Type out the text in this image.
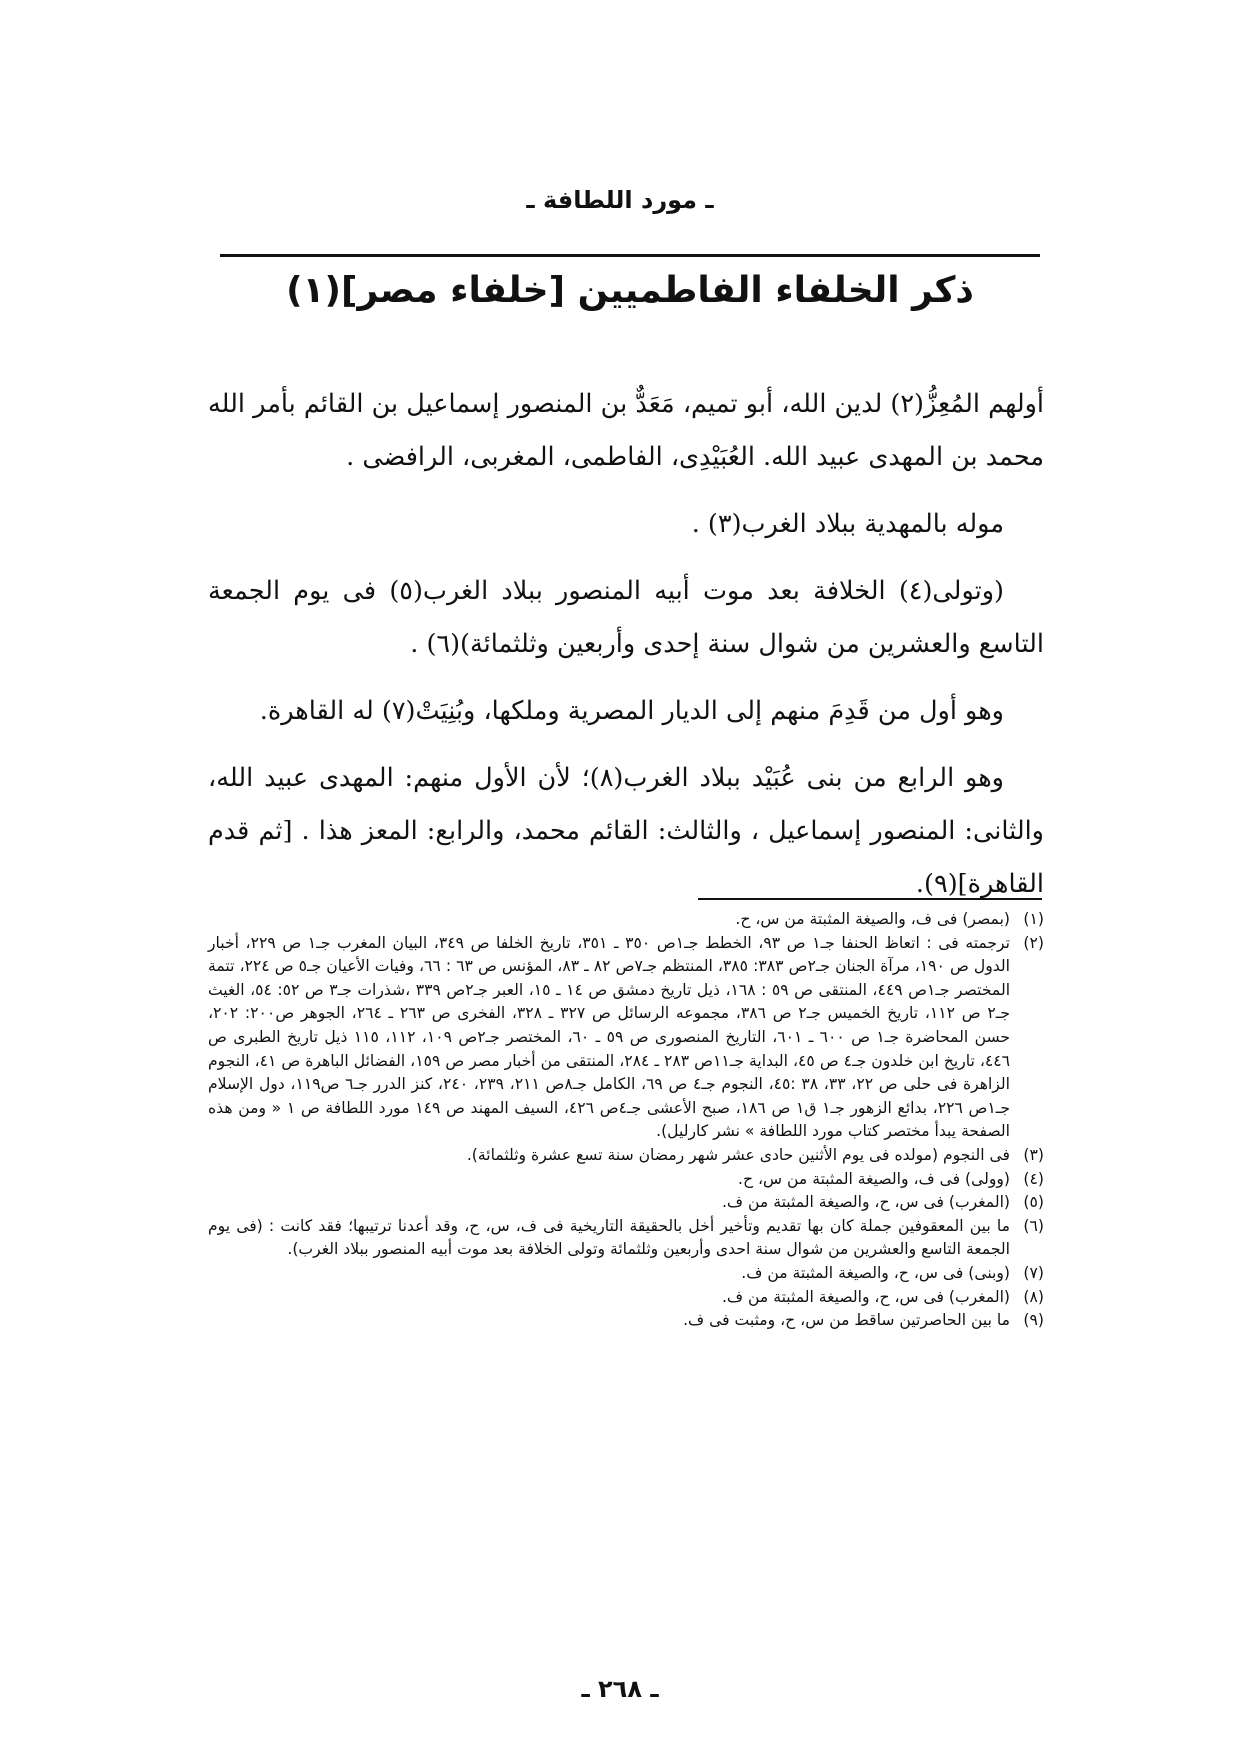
ـ مورد اللطافة ـ
ذكر الخلفاء الفاطميين [خلفاء مصر](١)

أولهم المُعِزُّ(٢) لدين الله، أبو تميم، مَعَدٌّ بن المنصور إسماعيل بن القائم بأمر الله محمد بن المهدى عبيد الله. العُبَيْدِى، الفاطمى، المغربى، الرافضى .

موله بالمهدية ببلاد الغرب(٣) .

(وتولى(٤) الخلافة بعد موت أبيه المنصور ببلاد الغرب(٥) فى يوم الجمعة التاسع والعشرين من شوال سنة إحدى وأربعين وثلثمائة)(٦) .

وهو أول من قَدِمَ منهم إلى الديار المصرية وملكها، وبُنِيَتْ(٧) له القاهرة.

وهو الرابع من بنى عُبَيْد ببلاد الغرب(٨)؛ لأن الأول منهم: المهدى عبيد الله، والثانى: المنصور إسماعيل ، والثالث: القائم محمد، والرابع: المعز هذا . [ثم قدم القاهرة](٩).

(١)
(بمصر) فى ف، والصيغة المثبتة من س، ح.
(٢)
ترجمته فى : اتعاظ الحنفا جـ١ ص ٩٣، الخطط جـ١ص ٣٥٠ ـ ٣٥١، تاريخ الخلفا ص ٣٤٩، البيان المغرب جـ١ ص ٢٢٩، أخبار الدول ص ١٩٠، مرآة الجنان جـ٢ص ٣٨٣: ٣٨٥، المنتظم جـ٧ص ٨٢ ـ ٨٣، المؤنس ص ٦٣ : ٦٦، وفيات الأعيان جـ٥ ص ٢٢٤، تتمة المختصر جـ١ص ٤٤٩، المنتقى ص ٥٩ : ١٦٨، ذيل تاريخ دمشق ص ١٤ ـ ١٥، العبر جـ٢ص ٣٣٩ ،شذرات جـ٣ ص ٥٢: ٥٤، الغيث جـ٢ ص ١١٢، تاريخ الخميس جـ٢ ص ٣٨٦، مجموعه الرسائل ص ٣٢٧ ـ ٣٢٨، الفخرى ص ٢٦٣ ـ ٢٦٤، الجوهر ص٢٠٠: ٢٠٢، حسن المحاضرة جـ١ ص ٦٠٠ ـ ٦٠١، التاريخ المنصورى ص ٥٩ ـ ٦٠، المختصر جـ٢ص ١٠٩، ١١٢، ١١٥ ذيل تاريخ الطبرى ص ٤٤٦، تاريخ ابن خلدون جـ٤ ص ٤٥، البداية جـ١١ص ٢٨٣ ـ ٢٨٤، المنتقى من أخبار مصر ص ١٥٩، الفضائل الباهرة ص ٤١، النجوم الزاهرة فى حلى ص ٢٢، ٣٣، ٣٨ :٤٥، النجوم جـ٤ ص ٦٩، الكامل جـ٨ص ٢١١، ٢٣٩، ٢٤٠، كنز الدرر جـ٦ ص١١٩، دول الإسلام جـ١ص ٢٢٦، بدائع الزهور جـ١ ق١ ص ١٨٦، صبح الأعشى جـ٤ص ٤٢٦، السيف المهند ص ١٤٩ مورد اللطافة ص ١ « ومن هذه الصفحة يبدأ مختصر كتاب مورد اللطافة » نشر كارليل).
(٣)
فى النجوم (مولده فى يوم الأثنين حادى عشر شهر رمضان سنة تسع عشرة وثلثمائة).
(٤)
(وولى) فى ف، والصيغة المثبتة من س، ح.
(٥)
(المغرب) فى س، ح، والصيغة المثبتة من ف.
(٦)
ما بين المعقوفين جملة كان بها تقديم وتأخير أخل بالحقيقة التاريخية فى ف، س، ح، وقد أعدنا ترتيبها؛ فقد كانت : (فى يوم الجمعة التاسع والعشرين من شوال سنة احدى وأربعين وثلثمائة وتولى الخلافة بعد موت أبيه المنصور ببلاد الغرب).
(٧)
(وبنى) فى س، ح، والصيغة المثبتة من ف.
(٨)
(المغرب) فى س، ح، والصيغة المثبتة من ف.
(٩)
ما بين الحاصرتين ساقط من س، ح، ومثبت فى ف.
ـ ٢٦٨ ـ
